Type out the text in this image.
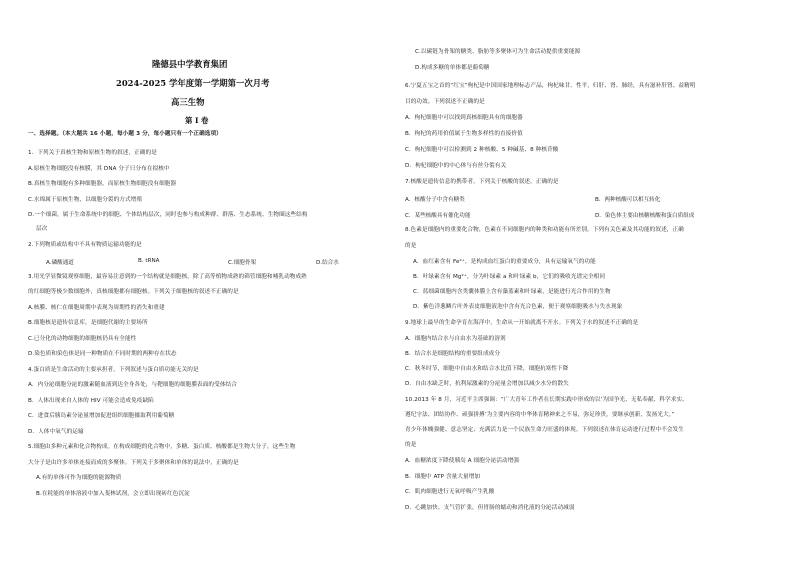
隆德县中学教育集团
2024-2025 学年度第一学期第一次月考
高三生物
第 I 卷
一、选择题。（本大题共 16 小题，每小题 3 分，每小题只有一个正确选项）
1．下列关于真核生物和原核生物的叙述，正确的是
A.原核生物细胞没有核膜，其 DNA 分子只分布在拟核中
B.真核生物细胞有多种细胞器，而原核生物细胞没有细胞器
C.水绵属于原核生物，以细胞分裂的方式增殖
D.一个细菌，属于生命系统中的细胞、个体结构层次，同时也参与构成种群、群落、生态系统、生物圈这些结构
层次
2.下列物质或结构中不具有物质运输功能的是
A.磷酸通道	B. tRNA	C.细胞骨架	D.结合水
3.用光学显微镜观察细胞，最容易注意到的一个结构就是细胞核。除了高等植物成熟的筛管细胞和哺乳动物成熟
的红细胞等极少数细胞外，真核细胞都有细胞核。下列关于细胞核的叙述不正确的是
A.核膜、核仁在细胞周期中表现为周期性的消失和重建
B.细胞核是遗传信息库，是细胞代谢的主要场所
C.已分化的动物细胞的细胞核仍具有全能性
D.染色质和染色体是同一种物质在不同时期的两种存在状态
4.蛋白质是生命活动的主要承担者。下列叙述与蛋白质功能无关的是
A．内分泌细胞分泌的激素随血液到达全身各处，与靶细胞的细胞膜表面的受体结合
B．人体出现来自人体的 HIV 可能会造成免疫缺陷
C．进食后胰岛素分泌量增加促进组织细胞摄取利用葡萄糖
D．人体中氧气的运输
5.细胞由多种元素和化合物构成。在构成细胞的化合物中，多糖、蛋白质、核酸都是生物大分子，这些生物
大分子是由许多单体连接而成的多聚体。下列关于多聚体和单体的说法中，正确的是
A.有的单体可作为细胞的能源物质
B.在耗能的单体溶液中加入斐林试剂，会立即出现砖红色沉淀
C.以碳链为骨架的糖类、脂肪等多聚体可为生命活动提供重要能源
D.构成多糖的单体都是葡萄糖
6.宁夏五宝之首的“红宝”枸杞是中国国家地理标志产品，枸杞味甘、性平，归肝、肾、肺经，具有滋补肝肾、益精明
目的功效。下列叙述不正确的是
A．枸杞细胞中可以找到真核细胞具有的细胞器
B．枸杞的药用价值属于生物多样性的直接价值
C．枸杞细胞中可以检测到 2 种核酸、5 种碱基、8 种核苷酸
D．枸杞细胞中的中心体与有丝分裂有关
7.核酸是遗传信息的携带者。下列关于核酸的叙述，正确的是
A．核酸分子中含有糖类	B．两种核酸可以相互转化
C．某些核酸具有催化功能	D．染色体主要由核糖核酸和蛋白质组成
8.色素是细胞内的重要化合物，色素在不同细胞内的种类和功能有所差别。下列有关色素及其功能的叙述，正确
的是
A．血红素含有 Fe²⁺，是构成血红蛋白的重要成分，具有运输氧气的功能
B．叶绿素含有 Mg²⁺，分为叶绿素 a 和叶绿素 b，它们的吸收光谱完全相同
C．蓝细菌细胞内含类囊体膜上含有藻蓝素和叶绿素，是能进行光合作用的生物
D．紫色洋葱鳞片叶外表皮细胞液泡中含有光合色素，便于观察细胞吸水与失水现象
9.地球上最早的生命孕育在海洋中，生命从一开始就离不开水。下列关于水的叙述不正确的是
A．细胞内结合水与自由水为基础的溶剂
B．结合水是细胞结构的重要组成成分
C．秋冬时节，细胞中自由水和结合水比值下降，细胞抗寒性下降
D．自由水缺乏时，抗利尿激素的分泌量会增加以减少水分的散失
10.2013 年 8 月，习近平主席强调：“广大青年工作者在长期实践中形成的以‘为国争光、无私奉献、科学求实、
遵纪守法、团结协作、顽强拼搏’为主要内容的中华体育精神来之不易，弥足珍贵，要继承创新，发扬光大。”
青少年体魄强健、意志坚定、充满活力是一个民族生命力旺盛的体现。下列叙述在体育运动进行过程中不会发生
的是
A．血糖浓度下降使胰岛 A 细胞分泌活动增强
B．细胞中 ATP 含量大量增加
C．肌肉细胞进行无氧呼吸产生乳酸
D．心跳加快、支气管扩张，但胃肠的蠕动和消化液的分泌活动减弱
